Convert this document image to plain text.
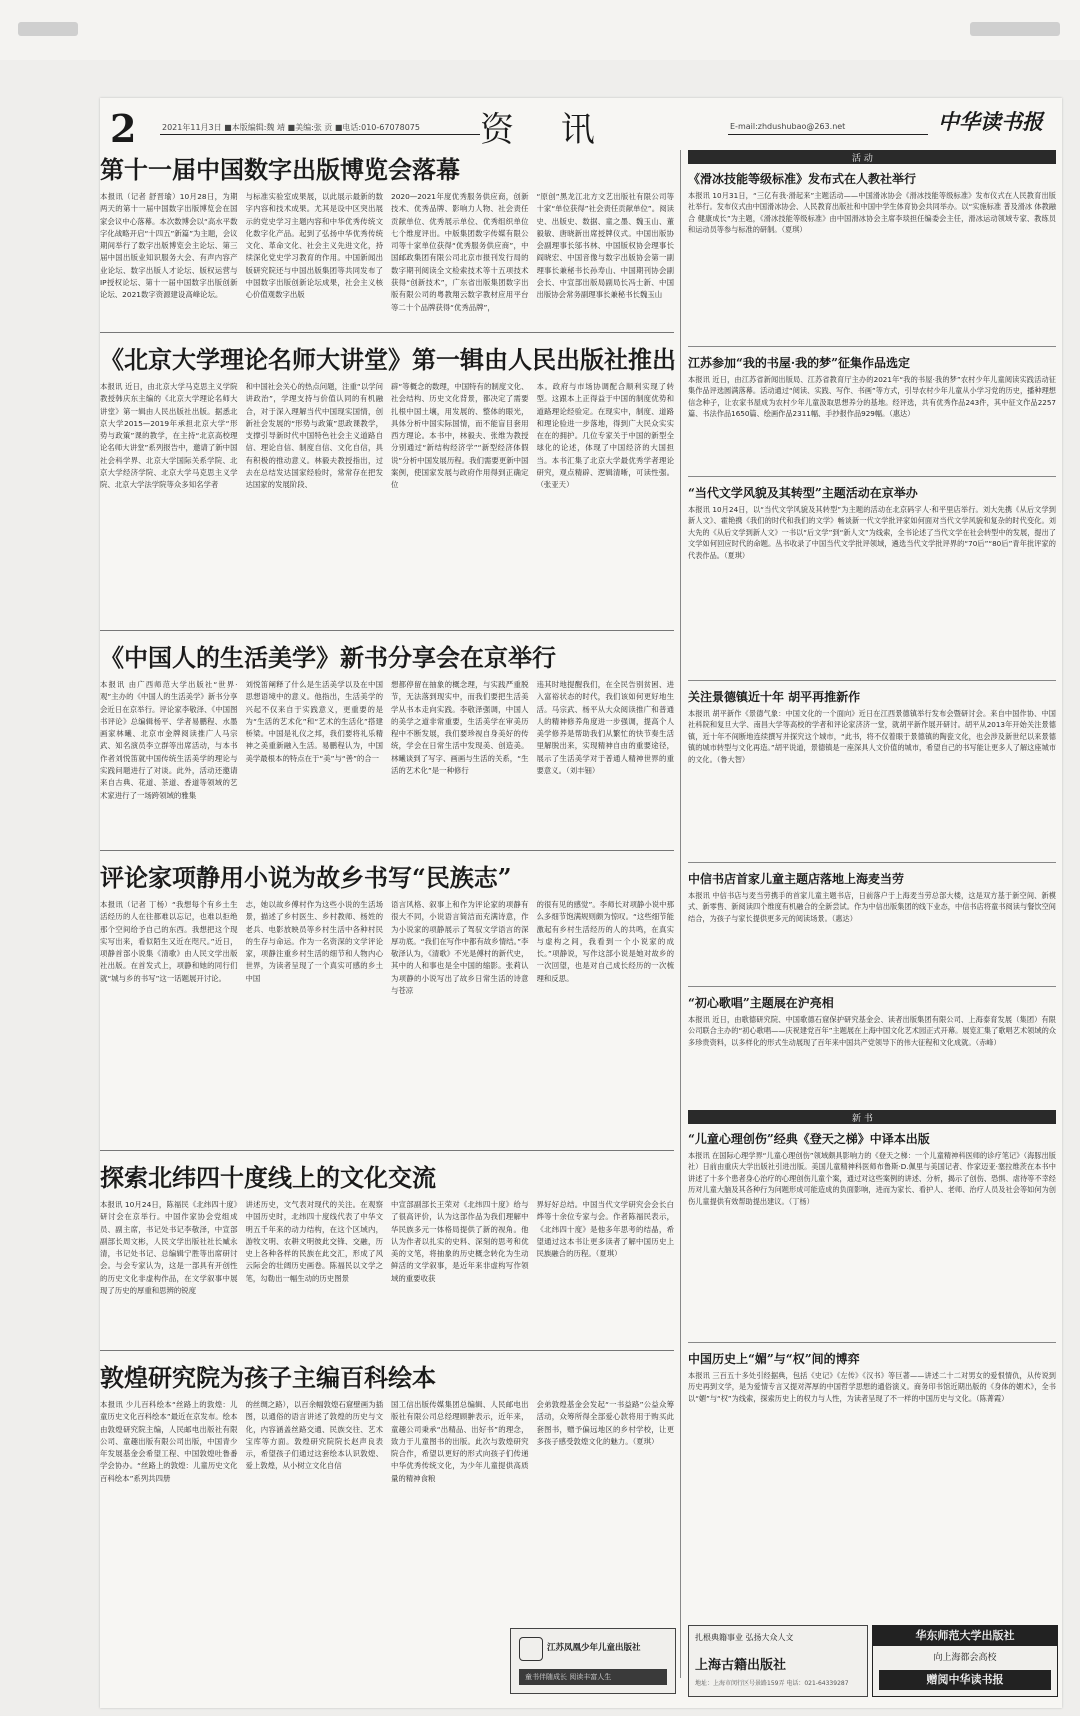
2	2021年11月3日 ■本版编辑:魏 靖 ■美编:张 贡 ■电话:010-67078075 资 讯	E-mail:zhdushubao@263.net	中华读书报
第十一届中国数字出版博览会落幕
本报讯（记者 舒晋瑜）10月28日，为期两天的第十一届中国数字出版博览会在国家会议中心落幕。本次数博会以“高水平数字化战略开启“十四五”新篇”为主题，会议期间举行了数字出版博览会主论坛、第三届中国出版业知识服务大会、有声内容产业论坛、数字出版人才论坛、版权运营与IP授权论坛、第十一届中国数字出版创新论坛、2021数字资源建设高峰论坛。
与标准实验室成果展，以此展示最新的数字内容和技术成果。尤其是设中区突出展示的党史学习主题内容和中华优秀传统文化数字化产品。起到了弘扬中华优秀传统文化、革命文化、社会主义先进文化，持续深化党史学习教育的作用。中国新闻出版研究院还与中国出版集团等共同发布了中国数字出版创新论坛成果，社会主义核心价值观数字出版
2020—2021年度优秀服务供应商，创新技术、优秀品牌、影响力人物、社会责任贡献单位、优秀展示单位、优秀组织单位七个维度评出。中版集团数字传媒有限公司等十家单位获得“优秀服务供应商”，中国邮政集团有限公司北京市报刊发行局的数字期刊阅读全文检索技术等十五项技术获得“创新技术”，广东省出版集团数字出版有限公司的粤教翔云数字教材应用平台等二十个品牌获得“优秀品牌”，
“原创”黑龙江北方文艺出版社有限公司等十家“单位获得”社会责任贡献单位”。阅读史、出版史、数据、童之墨、魏玉山、董毅敏、唐晓新出席授牌仪式。中国出版协会副理事长邬书林、中国版权协会理事长阎晓宏、中国音像与数字出版协会第一副理事长兼秘书长孙寿山、中国期刊协会副会长、中宣部出版局副局长冯士新、中国出版协会常务副理事长兼秘书长魏玉山
《北京大学理论名师大讲堂》第一辑由人民出版社推出
本报讯 近日，由北京大学马克思主义学院教授韩庆东主编的《北京大学理论名师大讲堂》第一辑由人民出版社出版。据悉北京大学2015—2019年承担北京大学“形势与政策”课的教学，在主持“北京高校理论名师大讲堂”系列报告中，邀请了新中国社会科学界、北京大学国际关系学院、北京大学经济学院、北京大学马克思主义学院、北京大学法学院等众多知名学者
和中国社会关心的热点问题，注重“以学问讲政治”，学理支持与价值认同的有机融合，对于深入理解当代中国现实国情，创新社会发展的“形势与政策”思政课教学，支撑引导新时代中国特色社会主义道路自信、理论自信、制度自信、文化自信，具有积极的推动意义。林毅夫教授指出，过去在总结发达国家经验时，常常存在把发达国家的发展阶段、
辟“等概念的数理，中国特有的制度文化、社会结构、历史文化背景，都决定了需要扎根中国土壤，用发展的、整体的眼光，具体分析中国实际国情，而不能盲目套用西方理论。本书中，林毅夫、张维为教授分别通过“新结构经济学”“新型经济体假说”分析中国发展历程。我们需要更新中国案例，使国家发展与政府作用得到正确定位
本。政府与市场协调配合顺利实现了转型。这跟本上正得益于中国的制度优势和道路理论经验定。在现实中，制度、道路和理论验进一步落地，得到广大民众实实在在的拥护。几位专家关于中国的新型全球化的论述，体现了中国经济的大国担当。本书汇集了北京大学最优秀学者理论研究，观点精辟、逻辑清晰，可读性强。（张亚天）
《中国人的生活美学》新书分享会在京举行
本报讯 由广西师范大学出版社“世界·观”主办的《中国人的生活美学》新书分享会近日在京举行。评论家李敬泽、《中国图书评论》总编辑杨平、学者易鹏程、水墨画家林曦、北京市金牌阅读推广人马宗武、知名演员李立群等出席活动，与本书作者刘悦笛就中国传统生活美学的理论与实践问题进行了对谈。此外，活动还邀请来自古典、花道、茶道、香道等领域的艺术家进行了一场跨领域的雅集
刘悦笛阐释了什么是生活美学以及在中国思想语境中的意义。他指出，生活美学的兴起不仅来自于实践意义，更重要的是为“生活的艺术化”和“艺术的生活化”搭建桥梁。中国是礼仪之邦，我们要将礼乐精神之美重新融入生活。易鹏程认为，中国美学最根本的特点在于“美”与“善”的合一
想都停留在抽象的概念理，与实践严重脱节，无法落到现实中，而我们要把生活美学从书本走向实践。李敬泽强调，中国人的美学之道非常重要，生活美学在审美历程中不断发展，我们要珍视自身美好的传统，学会在日常生活中发现美、创造美。林曦谈到了写字、画画与生活的关系，“生活的艺术化”是一种修行
违其时地提醒我们，在全民告别贫困、进入富裕状态的时代，我们该如何更好地生活。马宗武、杨平从大众阅读推广和普通人的精神修养角度进一步强调，提高个人美学修养是帮助我们从繁忙的快节奏生活里解脱出来，实现精神自由的重要途径，展示了生活美学对于普通人精神世界的重要意义。（刘丰钿）
评论家项静用小说为故乡书写“民族志”
本报讯（记者 丁杨）“我想每个有乡土生活经历的人在往都难以忘记，也难以拒绝那个空间给予自己的东西。我想把这个现实写出来，看似陌生又近在咫尺。”近日，项静首部小说集《清歌》由人民文学出版社出版。在首发式上，项静和她的同行们就“城与乡的书写”这一话题展开讨论。
志，她以故乡傅村作为这些小说的生活场景，描述了乡村医生、乡村教师、杨姓的老兵、电影放映员等乡村生活中各种村民的生存与命运。作为一名资深的文学评论家，项静注重乡村生活的细节和人物内心世界，为读者呈现了一个真实可感的乡土中国
语言风格、叙事上和作为评论家的项静有很大不同，小说语言简洁而充满诗意，作为小说家的项静展示了驾驭文学语言的深厚功底。“我们在写作中都有故乡情结。”李敬泽认为，《清歌》不光是傅村的新代史，其中的人和事也是全中国的缩影。张莉认为项静的小说写出了故乡日常生活的诗意与苍凉
的很有见的感觉”。李师长对项静小说中那么多细节饱满规则颇为惊叹。“这些细节能激起有乡村生活经历的人的共鸣，在真实与虚构之间，我看到一个小说家的成长。”项静说，写作这部小说是她对故乡的一次回望，也是对自己成长经历的一次梳理和反思。
探索北纬四十度线上的文化交流
本报讯 10月24日，陈福民《北纬四十度》研讨会在京举行。中国作家协会党组成员、副主席，书记处书记李敬泽，中宣部副部长周文彬，人民文学出版社社长臧永清，书记处书记、总编辑宁胜等出席研讨会。与会专家认为，这是一部具有开创性的历史文化非虚构作品，在文学叙事中展现了历史的厚重和思辨的锐度
讲述历史，文气表对现代的关注。在观察中国历史时，北纬四十度线代表了中华文明五千年来的动力结构，在这个区域内，游牧文明、农耕文明彼此交锋、交融，历史上各种各样的民族在此交汇，形成了风云际会的壮阔历史画卷。陈福民以文学之笔，勾勒出一幅生动的历史图景
中宣部副部长王荣对《北纬四十度》给与了很高评价，认为这部作品为我们理解中华民族多元一体格局提供了新的视角。他认为作者以扎实的史料、深刻的思考和优美的文笔，将抽象的历史概念转化为生动鲜活的文学叙事，是近年来非虚构写作领域的重要收获
界好好总结。中国当代文学研究会会长白烨等十余位专家与会。作者陈福民表示，《北纬四十度》是他多年思考的结晶，希望通过这本书让更多读者了解中国历史上民族融合的历程。（夏琪）
敦煌研究院为孩子主编百科绘本
本报讯 少儿百科绘本“丝路上的敦煌：儿童历史文化百科绘本”最近在京发布。绘本由敦煌研究院主编，人民邮电出版社有限公司、童趣出版有限公司出版，中国青少年发展基金会希望工程、中国敦煌吐鲁番学会协办。“丝路上的敦煌：儿童历史文化百科绘本”系列共四册
的丝绸之路），以百余幅敦煌石窟壁画为插图，以通俗的语言讲述了敦煌的历史与文化，内容涵盖丝路交通、民族交往、艺术宝库等方面。敦煌研究院院长赵声良表示，希望孩子们通过这套绘本认识敦煌、爱上敦煌，从小树立文化自信
国工信出版传媒集团总编辑、人民邮电出版社有限公司总经理顾翀表示，近年来，童趣公司秉承“出精品、出好书”的理念，致力于儿童图书的出版。此次与敦煌研究院合作，希望以更好的形式向孩子们传递中华优秀传统文化，为少年儿童提供高质量的精神食粮
会弟敦煌基金会发起“一书益路”公益众筹活动，众筹所得全部爱心款将用于购买此套图书，赠予偏远地区的乡村学校，让更多孩子感受敦煌文化的魅力。（夏琪）
江苏凤凰少年儿童出版社
童书伴随成长 阅读丰富人生
活 动
《滑冰技能等级标准》发布式在人教社举行
本报讯 10月31日，“三亿有我·滑起来”主题活动——中国滑冰协会《滑冰技能等级标准》发布仪式在人民教育出版社举行。发布仪式由中国滑冰协会、人民教育出版社和中国中学生体育协会共同举办。以“实施标准 普及滑冰 体教融合 健康成长”为主题，《滑冰技能等级标准》由中国滑冰协会主席李琰担任编委会主任，滑冰运动领域专家、教练员和运动员等参与标准的研制。（夏琪）
江苏参加“我的书屋·我的梦”征集作品选定
本报讯 近日，由江苏省新闻出版局、江苏省教育厅主办的2021年“我的书屋·我的梦”农村少年儿童阅读实践活动征集作品评选圆满落幕。活动通过“阅读、实践、写作、书画”等方式，引导农村少年儿童从小学习党的历史，播种理想信念种子，让农家书屋成为农村少年儿童汲取思想养分的基地。经评选，共有优秀作品243件，其中征文作品2257篇、书法作品1650篇、绘画作品2311幅、手抄报作品929幅。（惠达）
“当代文学风貌及其转型”主题活动在京举办
本报讯 10月24日，以“当代文学风貌及其转型”为主题的活动在北京码字人·和平里店举行。刘大先携《从后文学到新人文》、霍艳携《我们的时代和我们的文学》畅谈新一代文学批评家如何面对当代文学风貌和复杂的时代变化。刘大先的《从后文学到新人文》一书以“后文学”到“新人文”为线索，全书论述了当代文学在社会转型中的发展，提出了文学如何回应时代的命题。丛书收录了中国当代文学批评领域，遴选当代文学批评界的“70后”“80后”青年批评家的代表作品。（夏琪）
关注景德镇近十年 胡平再推新作
本报讯 胡平新作《景德气象：中国文化的一个面向》近日在江西景德镇举行发布会暨研讨会。来自中国作协、中国社科院和复旦大学、南昌大学等高校的学者和评论家济济一堂，就胡平新作展开研讨。胡平从2013年开始关注景德镇，近十年不间断地连续撰写并探究这个城市，“此书，将不仅着眼于景德镇的陶瓷文化，也会涉及新世纪以来景德镇的城市转型与文化再造。”胡平说道，景德镇是一座深具人文价值的城市，希望自己的书写能让更多人了解这座城市的文化。（鲁大智）
中信书店首家儿童主题店落地上海麦当劳
本报讯 中信书店与麦当劳携手的首家儿童主题书店，日前落户于上海麦当劳总部大楼，这是双方基于新空间、新模式、新零售、新阅读四个维度有机融合的全新尝试。作为中信出版集团的线下业态，中信书店将童书阅读与餐饮空间结合，为孩子与家长提供更多元的阅读场景。（惠达）
“初心歌唱”主题展在沪亮相
本报讯 近日，由歌德研究院、中国歌德石窟保护研究基金会、读者出版集团有限公司、上海泰育发展（集团）有限公司联合主办的“初心歌唱——庆祝建党百年”主题展在上海中国文化艺术园正式开幕。展览汇集了歌唱艺术领域的众多珍贵资料，以多样化的形式生动展现了百年来中国共产党领导下的伟大征程和文化成就。（赤峰）
新 书
“儿童心理创伤”经典《登天之梯》中译本出版
本报讯 在国际心理学界“儿童心理创伤”领域颇具影响力的《登天之梯：一个儿童精神科医师的诊疗笔记》（海豚出版社）日前由重庆大学出版社引进出版。美国儿童精神科医师布鲁斯·D.佩里与美国记者、作家迈亚·塞拉维茨在本书中讲述了十多个患者身心治疗的心理创伤儿童个案，通过对这些案例的讲述、分析，揭示了创伤、恐惧、虐待等不幸经历对儿童大脑及其各种行为问题形成可能造成的负面影响，进而为家长、看护人、老师、治疗人员及社会等如何为创伤儿童提供有效帮助提出建议。（丁杨）
中国历史上“媚”与“权”间的博弈
本报讯 三百五十多处引经据典，包括《史记》《左传》《汉书》等巨著——讲述二十二对男女的爱恨情仇，从传说到历史再到文学，是为爱情专言又提对浑厚的中国哲学思想的通俗演义。商务印书馆近期出版的《身体的媚术》，全书以“媚”与“权”为线索，探索历史上的权力与人性，为读者呈现了不一样的中国历史与文化。（陈菁霞）
扎根典籍事业 弘扬大众人文
上海古籍出版社
地址：上海市闵行区号景路159弄 电话：021-64339287
华东师范大学出版社
向上海都会高校
赠阅中华读书报
